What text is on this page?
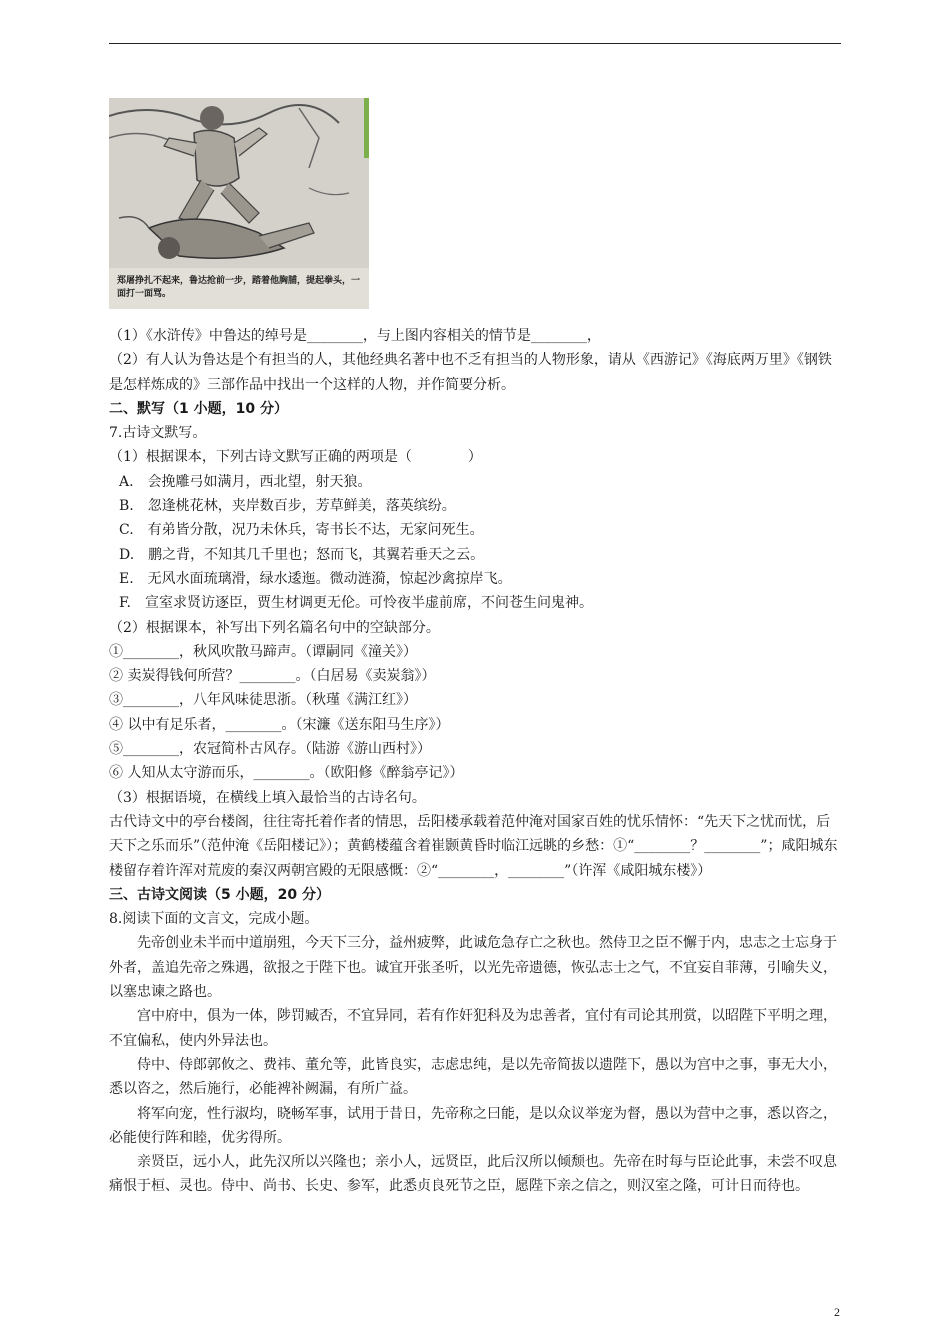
郑屠挣扎不起来，鲁达抢前一步，踏着他胸脯，提起拳头，一面打一面骂。

（1）《水浒传》中鲁达的绰号是________，与上图内容相关的情节是________，

（2）有人认为鲁达是个有担当的人，其他经典名著中也不乏有担当的人物形象，请从《西游记》《海底两万里》《钢铁是怎样炼成的》三部作品中找出一个这样的人物，并作简要分析。

二、默写（1 小题，10 分）

7.古诗文默写。

（1）根据课本，下列古诗文默写正确的两项是（　　　　）

A.　会挽雕弓如满月，西北望，射天狼。

B.　忽逢桃花林，夹岸数百步，芳草鲜美，落英缤纷。

C.　有弟皆分散，况乃未休兵，寄书长不达，无家问死生。

D.　鹏之背，不知其几千里也；怒而飞，其翼若垂天之云。

E.　无风水面琉璃滑，绿水逶迤。微动涟漪，惊起沙禽掠岸飞。

F.　宣室求贤访逐臣，贾生材调更无伦。可怜夜半虚前席，不问苍生问鬼神。

（2）根据课本，补写出下列名篇名句中的空缺部分。

①________，秋风吹散马蹄声。（谭嗣同《潼关》）

② 卖炭得钱何所营？________。（白居易《卖炭翁》）

③________，八年风味徒思浙。（秋瑾《满江红》）

④ 以中有足乐者，________。（宋濂《送东阳马生序》）

⑤________，农冠简朴古风存。（陆游《游山西村》）

⑥ 人知从太守游而乐，________。（欧阳修《醉翁亭记》）

（3）根据语境，在横线上填入最恰当的古诗名句。

古代诗文中的亭台楼阁，往往寄托着作者的情思，岳阳楼承载着范仲淹对国家百姓的忧乐情怀：“先天下之忧而忧，后天下之乐而乐”（范仲淹《岳阳楼记》）；黄鹤楼蕴含着崔颢黄昏时临江远眺的乡愁：①“________？________”；咸阳城东楼留存着许浑对荒废的秦汉两朝宫殿的无限感慨：②“________，________”（许浑《咸阳城东楼》）

三、古诗文阅读（5 小题，20 分）

8.阅读下面的文言文，完成小题。

先帝创业未半而中道崩殂，今天下三分，益州疲弊，此诚危急存亡之秋也。然侍卫之臣不懈于内，忠志之士忘身于外者，盖追先帝之殊遇，欲报之于陛下也。诚宜开张圣听，以光先帝遗德，恢弘志士之气，不宜妄自菲薄，引喻失义，以塞忠谏之路也。

宫中府中，俱为一体，陟罚臧否，不宜异同，若有作奸犯科及为忠善者，宜付有司论其刑赏，以昭陛下平明之理，不宜偏私，使内外异法也。

侍中、侍郎郭攸之、费祎、董允等，此皆良实，志虑忠纯，是以先帝简拔以遗陛下，愚以为宫中之事，事无大小，悉以咨之，然后施行，必能裨补阙漏，有所广益。

将军向宠，性行淑均，晓畅军事，试用于昔日，先帝称之曰能，是以众议举宠为督，愚以为营中之事，悉以咨之，必能使行阵和睦，优劣得所。

亲贤臣，远小人，此先汉所以兴隆也；亲小人，远贤臣，此后汉所以倾颓也。先帝在时每与臣论此事，未尝不叹息痛恨于桓、灵也。侍中、尚书、长史、参军，此悉贞良死节之臣，愿陛下亲之信之，则汉室之隆，可计日而待也。

2
